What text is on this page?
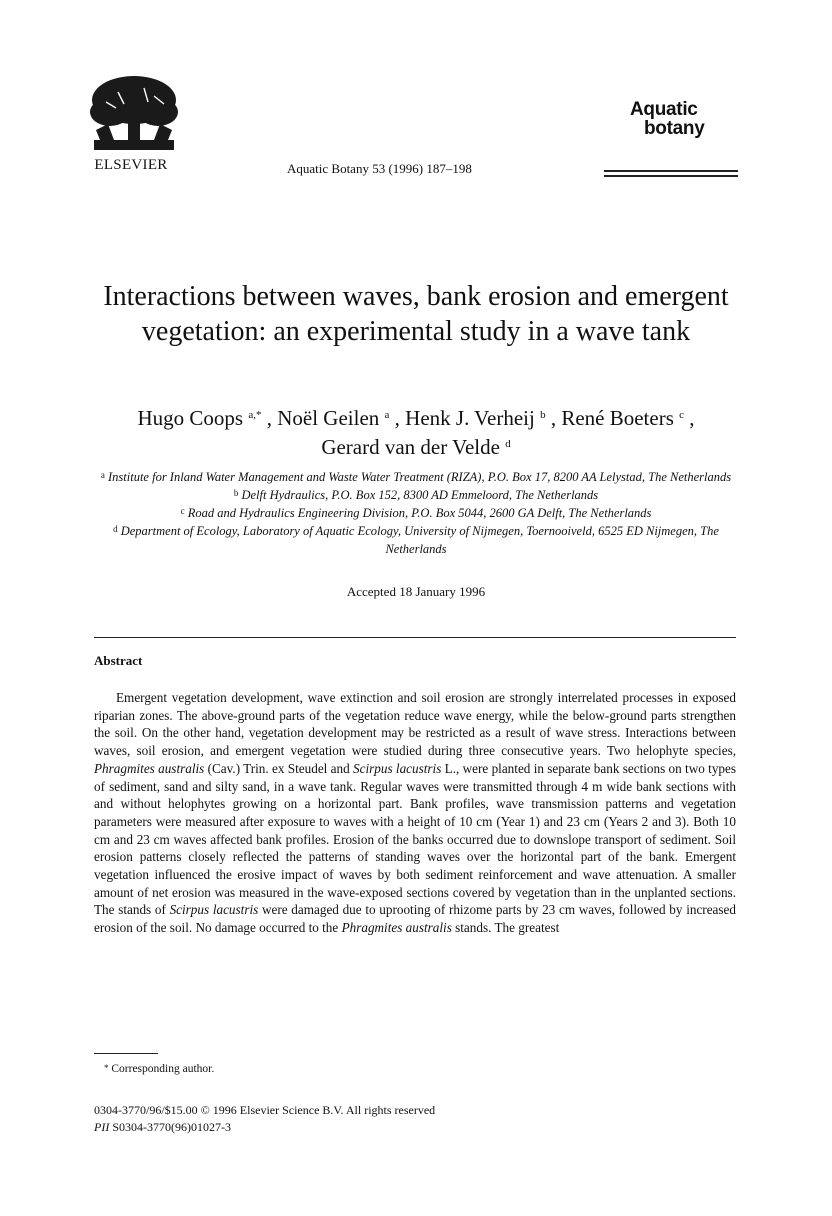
ELSEVIER	Aquatic Botany 53 (1996) 187–198
Aquatic
botany
Interactions between waves, bank erosion and emergent vegetation: an experimental study in a wave tank
Hugo Coops $^{a,*}$ , Noël Geilen $^a$ , Henk J. Verheij $^b$ , René Boeters $^c$ ,
Gerard van der Velde $^d$
$^a$ Institute for Inland Water Management and Waste Water Treatment (RIZA), P.O. Box 17, 8200 AA Lelystad, The Netherlands
$^b$ Delft Hydraulics, P.O. Box 152, 8300 AD Emmeloord, The Netherlands
$^c$ Road and Hydraulics Engineering Division, P.O. Box 5044, 2600 GA Delft, The Netherlands
$^d$ Department of Ecology, Laboratory of Aquatic Ecology, University of Nijmegen, Toernooiveld, 6525 ED Nijmegen, The Netherlands
Accepted 18 January 1996
Abstract
Emergent vegetation development, wave extinction and soil erosion are strongly interrelated processes in exposed riparian zones. The above-ground parts of the vegetation reduce wave energy, while the below-ground parts strengthen the soil. On the other hand, vegetation development may be restricted as a result of wave stress. Interactions between waves, soil erosion, and emergent vegetation were studied during three consecutive years. Two helophyte species, Phragmites australis (Cav.) Trin. ex Steudel and Scirpus lacustris L., were planted in separate bank sections on two types of sediment, sand and silty sand, in a wave tank. Regular waves were transmitted through 4 m wide bank sections with and without helophytes growing on a horizontal part. Bank profiles, wave transmission patterns and vegetation parameters were measured after exposure to waves with a height of 10 cm (Year 1) and 23 cm (Years 2 and 3). Both 10 cm and 23 cm waves affected bank profiles. Erosion of the banks occurred due to downslope transport of sediment. Soil erosion patterns closely reflected the patterns of standing waves over the horizontal part of the bank. Emergent vegetation influenced the erosive impact of waves by both sediment reinforcement and wave attenuation. A smaller amount of net erosion was measured in the wave-exposed sections covered by vegetation than in the unplanted sections. The stands of Scirpus lacustris were damaged due to uprooting of rhizome parts by 23 cm waves, followed by increased erosion of the soil. No damage occurred to the Phragmites australis stands. The greatest
* Corresponding author.
0304-3770/96/$15.00 © 1996 Elsevier Science B.V. All rights reserved
PII S0304-3770(96)01027-3
